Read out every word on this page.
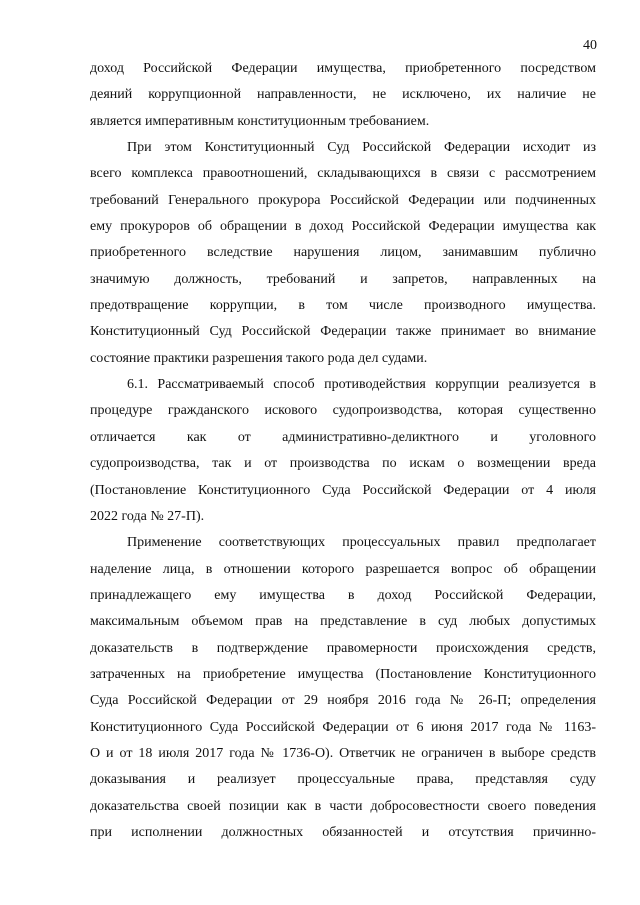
40
доход Российской Федерации имущества, приобретенного посредством
деяний коррупционной направленности, не исключено, их наличие не
является императивным конституционным требованием.
При этом Конституционный Суд Российской Федерации исходит из
всего комплекса правоотношений, складывающихся в связи с рассмотрением
требований Генерального прокурора Российской Федерации или подчиненных
ему прокуроров об обращении в доход Российской Федерации имущества как
приобретенного вследствие нарушения лицом, занимавшим публично
значимую должность, требований и запретов, направленных на
предотвращение коррупции, в том числе производного имущества.
Конституционный Суд Российской Федерации также принимает во внимание
состояние практики разрешения такого рода дел судами.
6.1. Рассматриваемый способ противодействия коррупции реализуется в
процедуре гражданского искового судопроизводства, которая существенно
отличается как от административно-деликтного и уголовного
судопроизводства, так и от производства по искам о возмещении вреда
(Постановление Конституционного Суда Российской Федерации от 4 июля
2022 года № 27-П).
Применение соответствующих процессуальных правил предполагает
наделение лица, в отношении которого разрешается вопрос об обращении
принадлежащего ему имущества в доход Российской Федерации,
максимальным объемом прав на представление в суд любых допустимых
доказательств в подтверждение правомерности происхождения средств,
затраченных на приобретение имущества (Постановление Конституционного
Суда Российской Федерации от 29 ноября 2016 года № 26-П; определения
Конституционного Суда Российской Федерации от 6 июня 2017 года № 1163-
О и от 18 июля 2017 года № 1736-О). Ответчик не ограничен в выборе средств
доказывания и реализует процессуальные права, представляя суду
доказательства своей позиции как в части добросовестности своего поведения
при исполнении должностных обязанностей и отсутствия причинно-
